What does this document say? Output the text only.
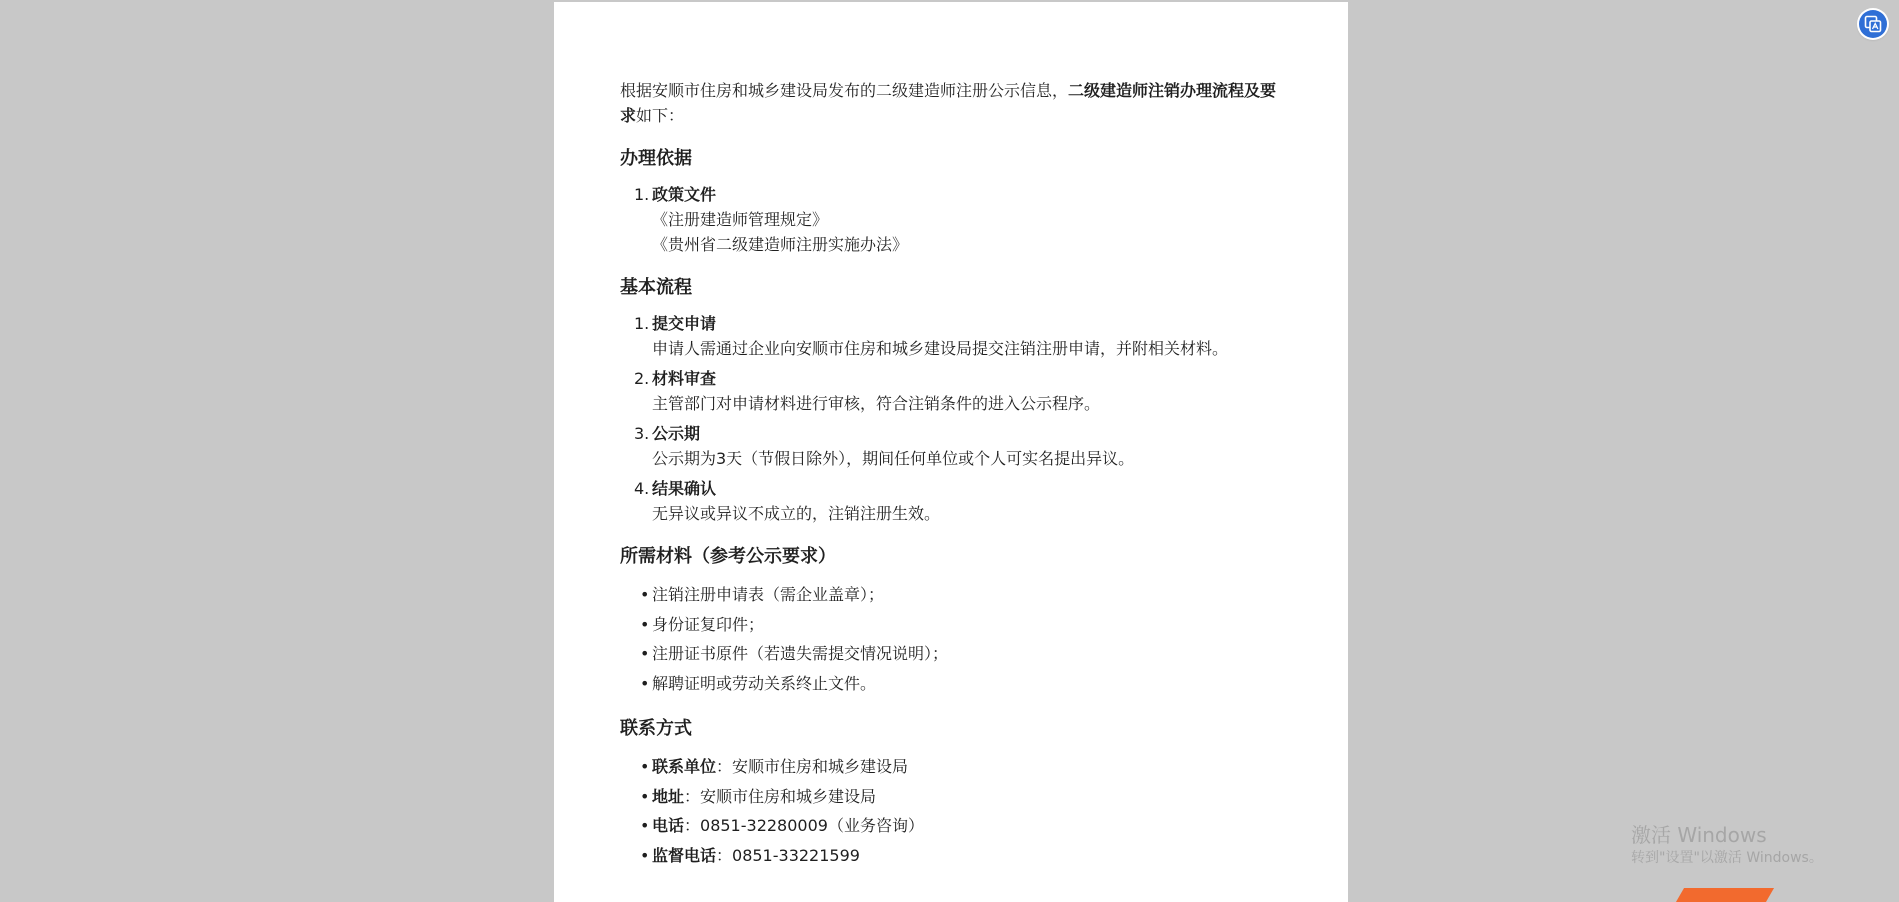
根据安顺市住房和城乡建设局发布的二级建造师注册公示信息，二级建造师注销办理流程及要求如下：

办理依据
1. 政策文件
《注册建造师管理规定》
《贵州省二级建造师注册实施办法》
基本流程
1. 提交申请
申请人需通过企业向安顺市住房和城乡建设局提交注销注册申请，并附相关材料。
2. 材料审查
主管部门对申请材料进行审核，符合注销条件的进入公示程序。
3. 公示期
公示期为3天（节假日除外），期间任何单位或个人可实名提出异议。
4. 结果确认
无异议或异议不成立的，注销注册生效。
所需材料（参考公示要求）
• 注销注册申请表（需企业盖章）；
• 身份证复印件；
• 注册证书原件（若遗失需提交情况说明）；
• 解聘证明或劳动关系终止文件。
联系方式
• 联系单位：安顺市住房和城乡建设局
• 地址：安顺市住房和城乡建设局
• 电话：0851-32280009（业务咨询）
• 监督电话：0851-33221599
激活 Windows
转到"设置"以激活 Windows。
